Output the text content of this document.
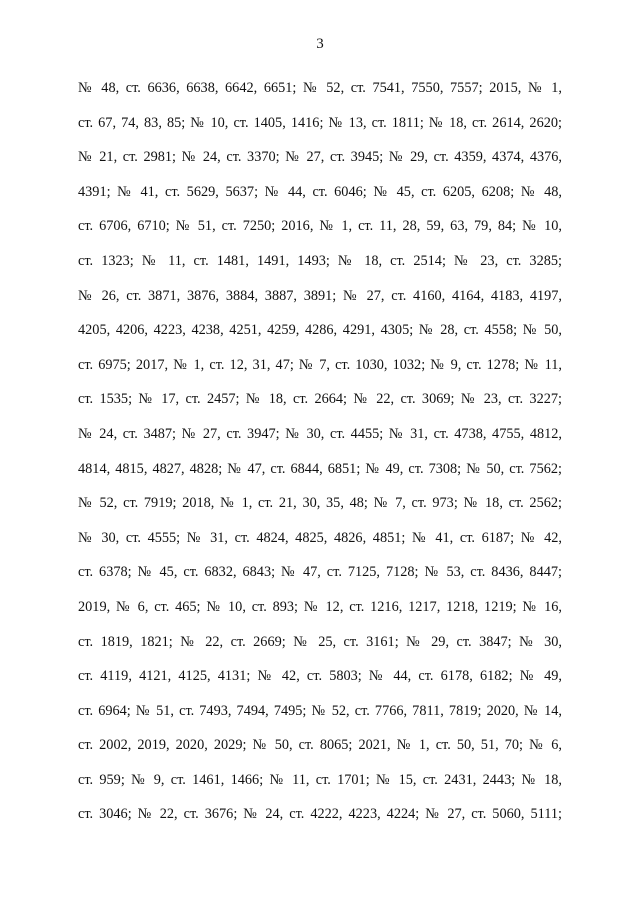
3
№ 48, ст. 6636, 6638, 6642, 6651; № 52, ст. 7541, 7550, 7557; 2015, № 1,
ст. 67, 74, 83, 85; № 10, ст. 1405, 1416; № 13, ст. 1811; № 18, ст. 2614, 2620;
№ 21, ст. 2981; № 24, ст. 3370; № 27, ст. 3945; № 29, ст. 4359, 4374, 4376,
4391; № 41, ст. 5629, 5637; № 44, ст. 6046; № 45, ст. 6205, 6208; № 48,
ст. 6706, 6710; № 51, ст. 7250; 2016, № 1, ст. 11, 28, 59, 63, 79, 84; № 10,
ст. 1323; № 11, ст. 1481, 1491, 1493; № 18, ст. 2514; № 23, ст. 3285;
№ 26, ст. 3871, 3876, 3884, 3887, 3891; № 27, ст. 4160, 4164, 4183, 4197,
4205, 4206, 4223, 4238, 4251, 4259, 4286, 4291, 4305; № 28, ст. 4558; № 50,
ст. 6975; 2017, № 1, ст. 12, 31, 47; № 7, ст. 1030, 1032; № 9, ст. 1278; № 11,
ст. 1535; № 17, ст. 2457; № 18, ст. 2664; № 22, ст. 3069; № 23, ст. 3227;
№ 24, ст. 3487; № 27, ст. 3947; № 30, ст. 4455; № 31, ст. 4738, 4755, 4812,
4814, 4815, 4827, 4828; № 47, ст. 6844, 6851; № 49, ст. 7308; № 50, ст. 7562;
№ 52, ст. 7919; 2018, № 1, ст. 21, 30, 35, 48; № 7, ст. 973; № 18, ст. 2562;
№ 30, ст. 4555; № 31, ст. 4824, 4825, 4826, 4851; № 41, ст. 6187; № 42,
ст. 6378; № 45, ст. 6832, 6843; № 47, ст. 7125, 7128; № 53, ст. 8436, 8447;
2019, № 6, ст. 465; № 10, ст. 893; № 12, ст. 1216, 1217, 1218, 1219; № 16,
ст. 1819, 1821; № 22, ст. 2669; № 25, ст. 3161; № 29, ст. 3847; № 30,
ст. 4119, 4121, 4125, 4131; № 42, ст. 5803; № 44, ст. 6178, 6182; № 49,
ст. 6964; № 51, ст. 7493, 7494, 7495; № 52, ст. 7766, 7811, 7819; 2020, № 14,
ст. 2002, 2019, 2020, 2029; № 50, ст. 8065; 2021, № 1, ст. 50, 51, 70; № 6,
ст. 959; № 9, ст. 1461, 1466; № 11, ст. 1701; № 15, ст. 2431, 2443; № 18,
ст. 3046; № 22, ст. 3676; № 24, ст. 4222, 4223, 4224; № 27, ст. 5060, 5111;
